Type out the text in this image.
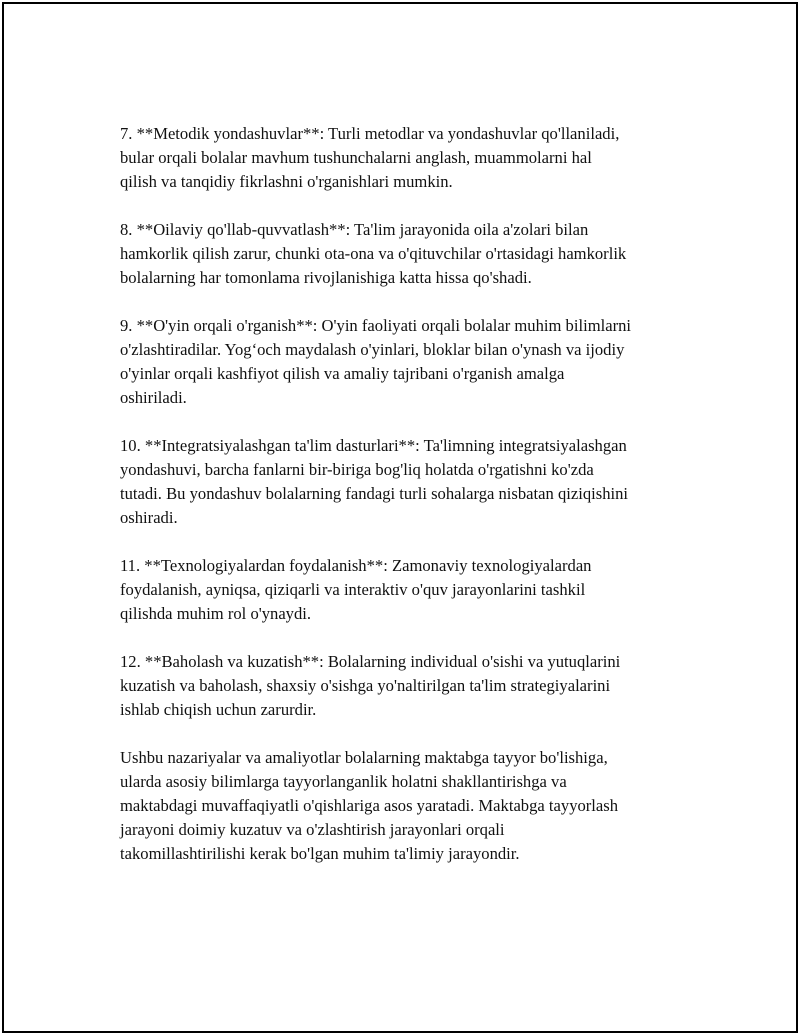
7. **Metodik yondashuvlar**: Turli metodlar va yondashuvlar qo'llaniladi,
bular orqali bolalar mavhum tushunchalarni anglash, muammolarni hal
qilish va tanqidiy fikrlashni o'rganishlari mumkin.

8. **Oilaviy qo'llab-quvvatlash**: Ta'lim jarayonida oila a'zolari bilan
hamkorlik qilish zarur, chunki ota-ona va o'qituvchilar o'rtasidagi hamkorlik
bolalarning har tomonlama rivojlanishiga katta hissa qo'shadi.

9. **O'yin orqali o'rganish**: O'yin faoliyati orqali bolalar muhim bilimlarni
o'zlashtiradilar. Yog‘och maydalash o'yinlari, bloklar bilan o'ynash va ijodiy
o'yinlar orqali kashfiyot qilish va amaliy tajribani o'rganish amalga
oshiriladi.

10. **Integratsiyalashgan ta'lim dasturlari**: Ta'limning integratsiyalashgan
yondashuvi, barcha fanlarni bir-biriga bog'liq holatda o'rgatishni ko'zda
tutadi. Bu yondashuv bolalarning fandagi turli sohalarga nisbatan qiziqishini
oshiradi.

11. **Texnologiyalardan foydalanish**: Zamonaviy texnologiyalardan
foydalanish, ayniqsa, qiziqarli va interaktiv o'quv jarayonlarini tashkil
qilishda muhim rol o'ynaydi.

12. **Baholash va kuzatish**: Bolalarning individual o'sishi va yutuqlarini
kuzatish va baholash, shaxsiy o'sishga yo'naltirilgan ta'lim strategiyalarini
ishlab chiqish uchun zarurdir.

Ushbu nazariyalar va amaliyotlar bolalarning maktabga tayyor bo'lishiga,
ularda asosiy bilimlarga tayyorlanganlik holatni shakllantirishga va
maktabdagi muvaffaqiyatli o'qishlariga asos yaratadi. Maktabga tayyorlash
jarayoni doimiy kuzatuv va o'zlashtirish jarayonlari orqali
takomillashtirilishi kerak bo'lgan muhim ta'limiy jarayondir.
